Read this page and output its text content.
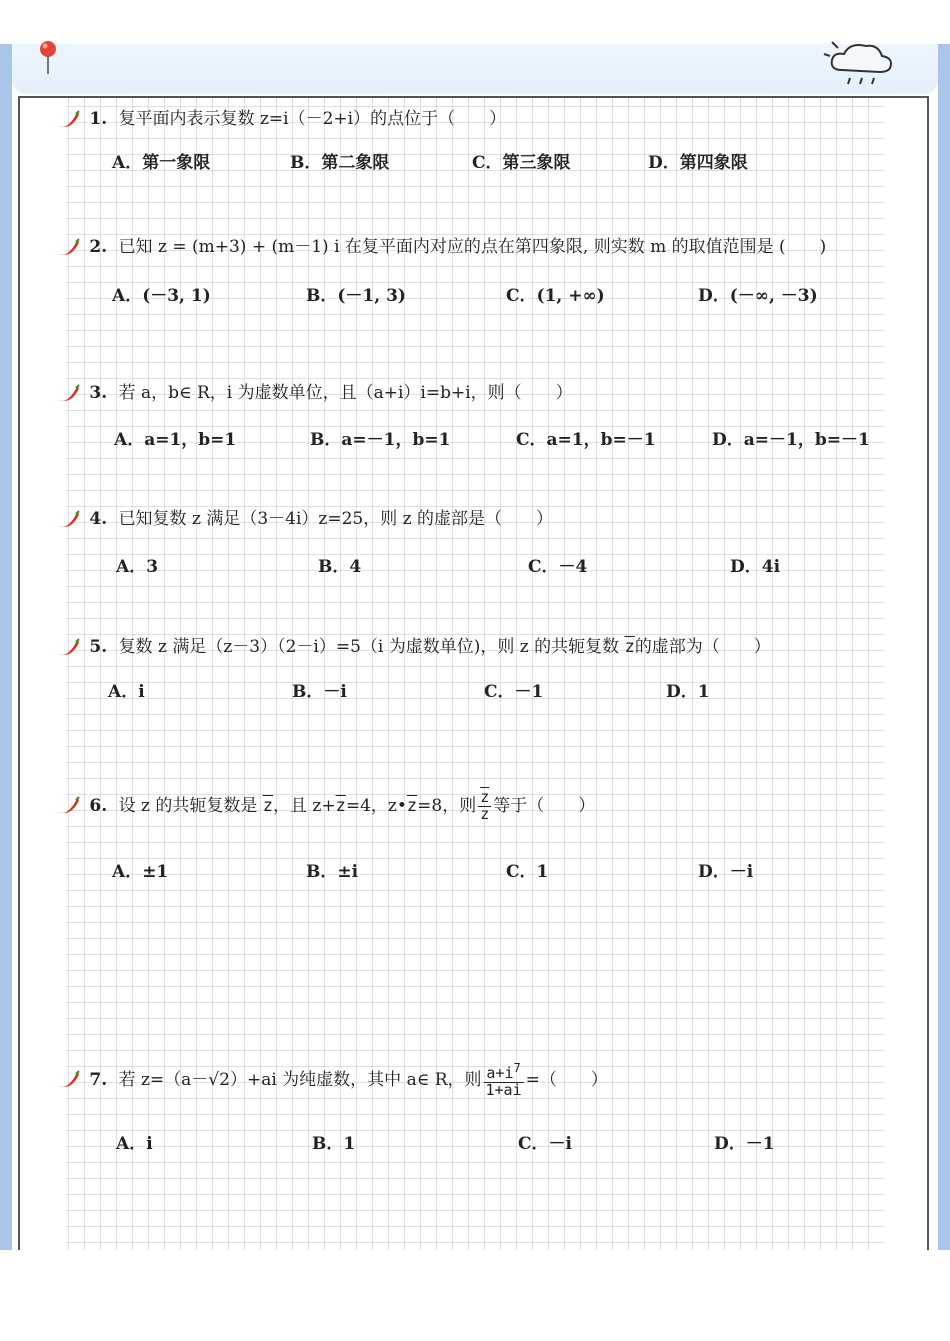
1. 复平面内表示复数 z=i（－2+i）的点位于（　　）
A．第一象限	B．第二象限	C．第三象限	D．第四象限
2. 已知 z = (m+3) + (m－1) i 在复平面内对应的点在第四象限, 则实数 m 的取值范围是 (　　)
A．(－3, 1)	B．(－1, 3)	C．(1, +∞)	D．(－∞, －3)
3. 若 a，b∈ R，i 为虚数单位，且（a+i）i=b+i，则（　　）
A．a=1，b=1	B．a=－1，b=1	C．a=1，b=－1	D．a=－1，b=－1
4. 已知复数 z 满足（3－4i）z=25，则 z 的虚部是（　　）
A．3	B．4	C．－4	D．4i
5. 复数 z 满足（z－3）（2－i）=5（i 为虚数单位)，则 z 的共轭复数 $\overline{z}$的虚部为（　　）
A．i	B．－i	C．－1	D．1
6. 设 z 的共轭复数是 $\overline{z}$，且 $z+\overline{z}=4$，$z•\overline{z}=8$，则 $\frac{\overline{z}}{z}$ 等于（　　）
A．±1	B．±i	C．1	D．－i
7. 若 z=（a－√2）+ai 为纯虚数，其中 a∈ R，则 $\frac{a+i^7}{1+ai}$ =（　　）
A．i	B．1	C．－i	D．－1
